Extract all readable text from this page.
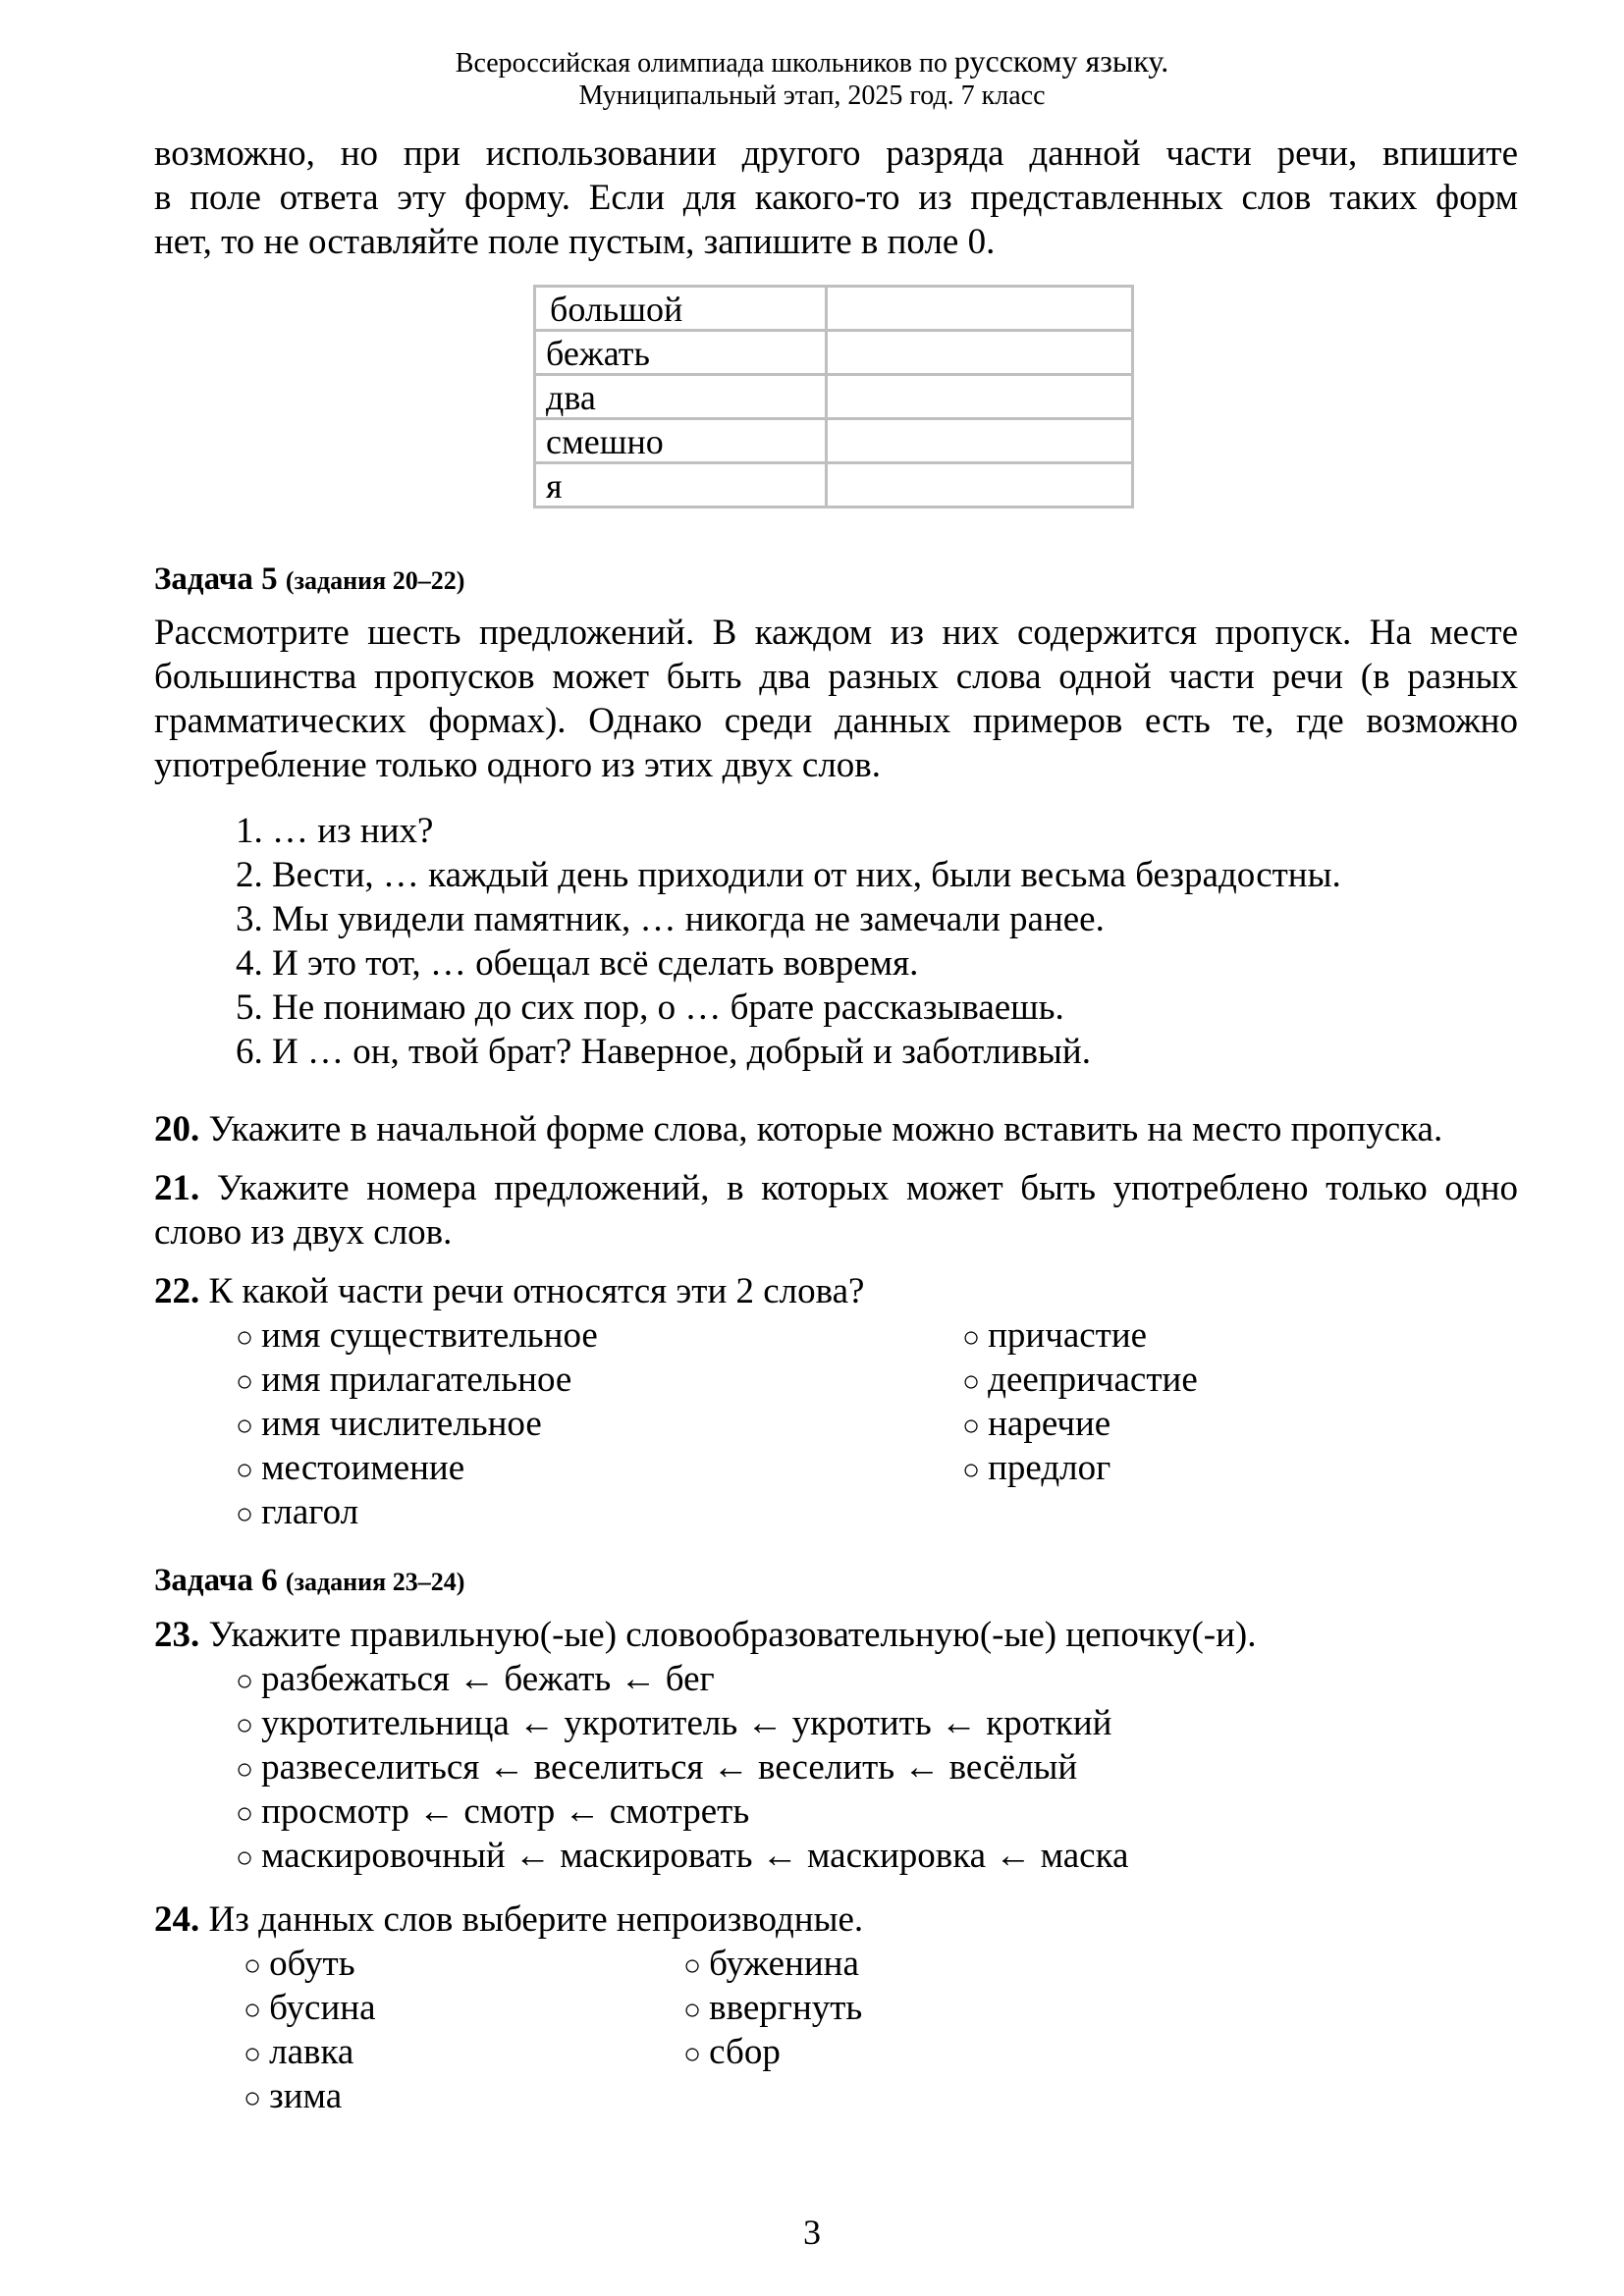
Всероссийская олимпиада школьников по русскому языку.
Муниципальный этап, 2025 год. 7 класс
возможно, но при использовании другого разряда данной части речи, впишите
в поле ответа эту форму. Если для какого-то из представленных слов таких форм
нет, то не оставляйте поле пустым, запишите в поле 0.
большой	
бежать	
два	
смешно	
я	
Задача 5 (задания 20–22)
Рассмотрите шесть предложений. В каждом из них содержится пропуск. На месте
большинства пропусков может быть два разных слова одной части речи (в разных
грамматических формах). Однако среди данных примеров есть те, где возможно
употребление только одного из этих двух слов.
1. … из них?
2. Вести, … каждый день приходили от них, были весьма безрадостны.
3. Мы увидели памятник, … никогда не замечали ранее.
4. И это тот, … обещал всё сделать вовремя.
5. Не понимаю до сих пор, о … брате рассказываешь.
6. И … он, твой брат? Наверное, добрый и заботливый.
20. Укажите в начальной форме слова, которые можно вставить на место пропуска.
21. Укажите номера предложений, в которых может быть употреблено только одно
слово из двух слов.
22. К какой части речи относятся эти 2 слова?
○ имя существительное
○ имя прилагательное
○ имя числительное
○ местоимение
○ глагол
○ причастие
○ деепричастие
○ наречие
○ предлог
Задача 6 (задания 23–24)
23. Укажите правильную(-ые) словообразовательную(-ые) цепочку(-и).
○ разбежаться ← бежать ← бег
○ укротительница ← укротитель ← укротить ← кроткий
○ развеселиться ← веселиться ← веселить ← весёлый
○ просмотр ← смотр ← смотреть
○ маскировочный ← маскировать ← маскировка ← маска
24. Из данных слов выберите непроизводные.
○ обуть
○ бусина
○ лавка
○ зима
○ буженина
○ ввергнуть
○ сбор
3
